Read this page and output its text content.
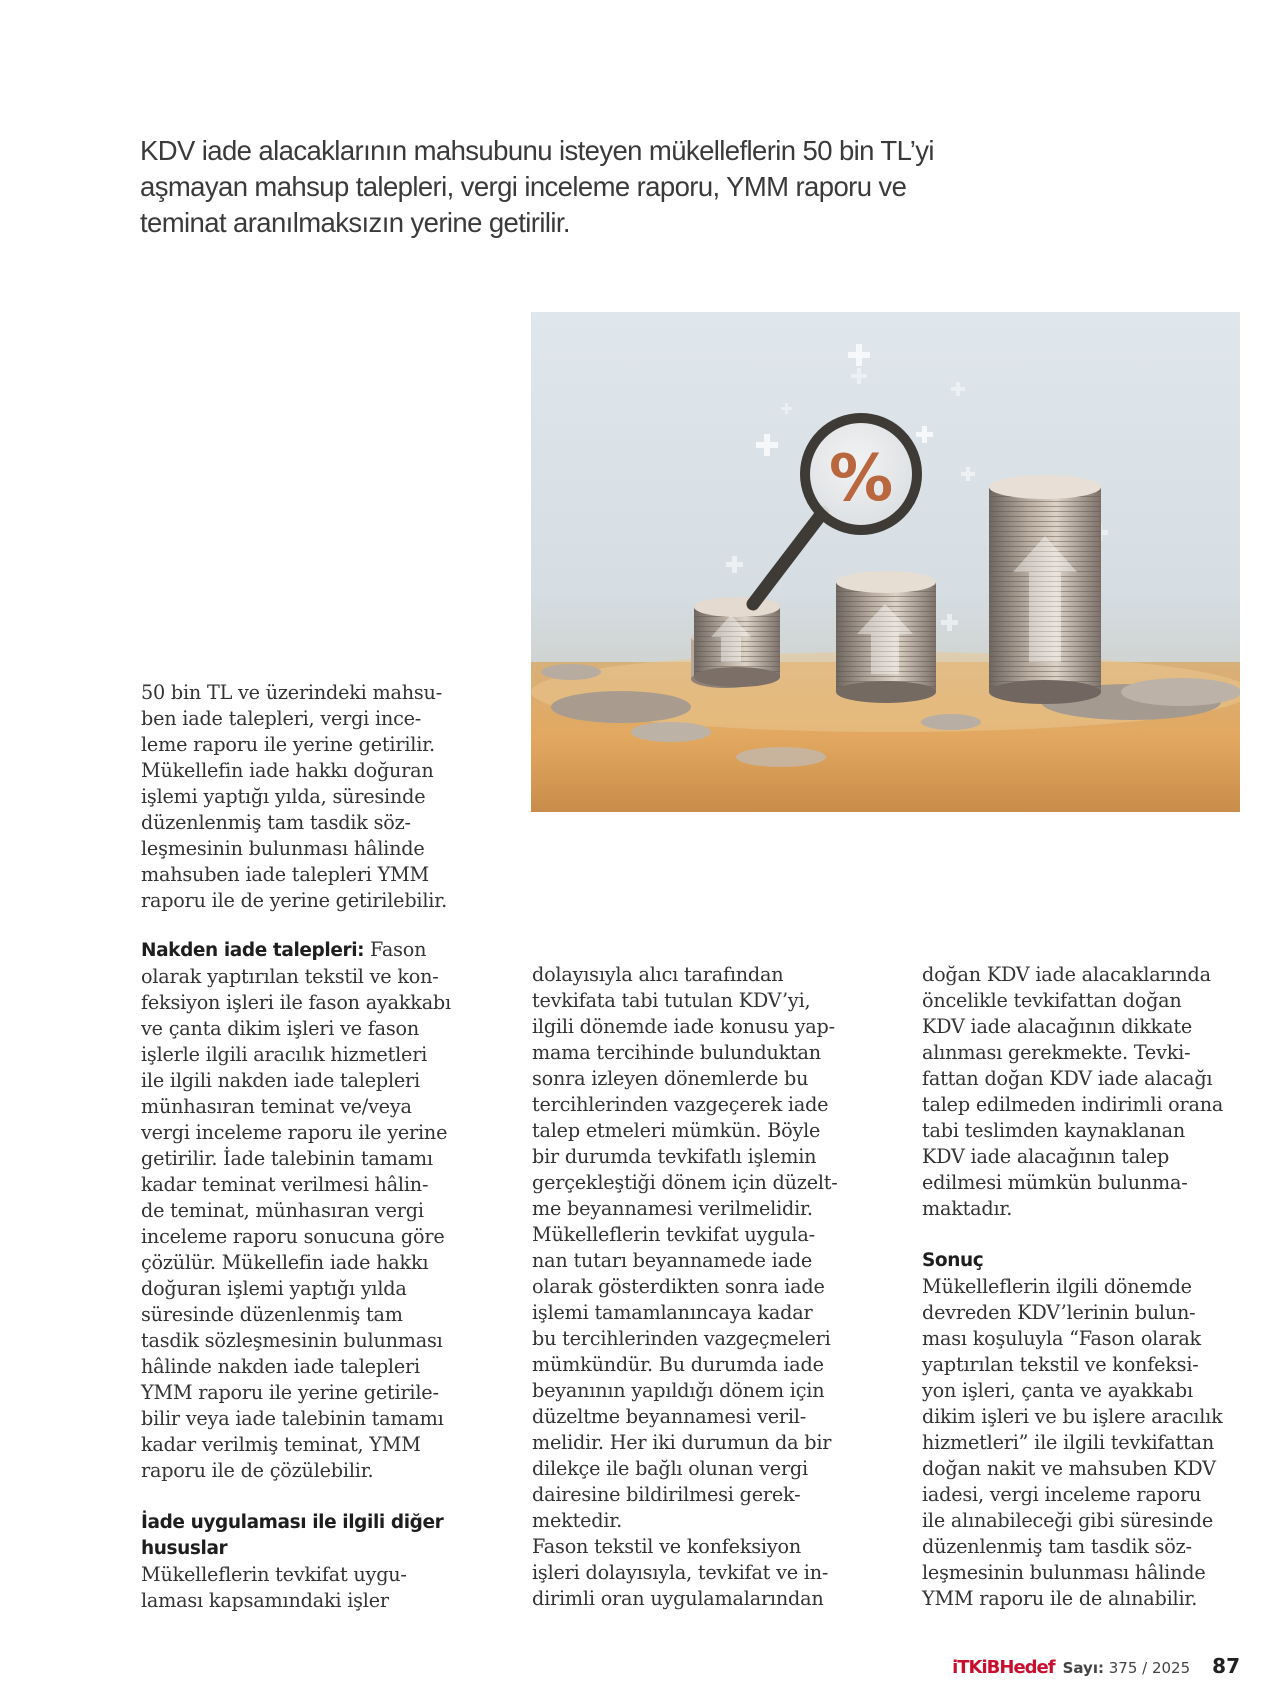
KDV iade alacaklarının mahsubunu isteyen mükelleflerin 50 bin TL’yi
aşmayan mahsup talepleri, vergi inceleme raporu, YMM raporu ve
teminat aranılmaksızın yerine getirilir.
%
50 bin TL ve üzerindeki mahsu-
ben iade talepleri, vergi ince-
leme raporu ile yerine getirilir.
Mükellefin iade hakkı doğuran
işlemi yaptığı yılda, süresinde
düzenlenmiş tam tasdik söz-
leşmesinin bulunması hâlinde
mahsuben iade talepleri YMM
raporu ile de yerine getirilebilir.
Nakden iade talepleri: Fason
olarak yaptırılan tekstil ve kon-
feksiyon işleri ile fason ayakkabı
ve çanta dikim işleri ve fason
işlerle ilgili aracılık hizmetleri
ile ilgili nakden iade talepleri
münhasıran teminat ve/veya
vergi inceleme raporu ile yerine
getirilir. İade talebinin tamamı
kadar teminat verilmesi hâlin-
de teminat, münhasıran vergi
inceleme raporu sonucuna göre
çözülür. Mükellefin iade hakkı
doğuran işlemi yaptığı yılda
süresinde düzenlenmiş tam
tasdik sözleşmesinin bulunması
hâlinde nakden iade talepleri
YMM raporu ile yerine getirile-
bilir veya iade talebinin tamamı
kadar verilmiş teminat, YMM
raporu ile de çözülebilir.
İade uygulaması ile ilgili diğer
hususlar
Mükelleflerin tevkifat uygu-
laması kapsamındaki işler
dolayısıyla alıcı tarafından
tevkifata tabi tutulan KDV’yi,
ilgili dönemde iade konusu yap-
mama tercihinde bulunduktan
sonra izleyen dönemlerde bu
tercihlerinden vazgeçerek iade
talep etmeleri mümkün. Böyle
bir durumda tevkifatlı işlemin
gerçekleştiği dönem için düzelt-
me beyannamesi verilmelidir.
Mükelleflerin tevkifat uygula-
nan tutarı beyannamede iade
olarak gösterdikten sonra iade
işlemi tamamlanıncaya kadar
bu tercihlerinden vazgeçmeleri
mümkündür. Bu durumda iade
beyanının yapıldığı dönem için
düzeltme beyannamesi veril-
melidir. Her iki durumun da bir
dilekçe ile bağlı olunan vergi
dairesine bildirilmesi gerek-
mektedir.
Fason tekstil ve konfeksiyon
işleri dolayısıyla, tevkifat ve in-
dirimli oran uygulamalarından
doğan KDV iade alacaklarında
öncelikle tevkifattan doğan
KDV iade alacağının dikkate
alınması gerekmekte. Tevki-
fattan doğan KDV iade alacağı
talep edilmeden indirimli orana
tabi teslimden kaynaklanan
KDV iade alacağının talep
edilmesi mümkün bulunma-
maktadır.
Sonuç
Mükelleflerin ilgili dönemde
devreden KDV’lerinin bulun-
ması koşuluyla “Fason olarak
yaptırılan tekstil ve konfeksi-
yon işleri, çanta ve ayakkabı
dikim işleri ve bu işlere aracılık
hizmetleri” ile ilgili tevkifattan
doğan nakit ve mahsuben KDV
iadesi, vergi inceleme raporu
ile alınabileceği gibi süresinde
düzenlenmiş tam tasdik söz-
leşmesinin bulunması hâlinde
YMM raporu ile de alınabilir.
iTKiBHedef Sayı: 375 / 2025 87
